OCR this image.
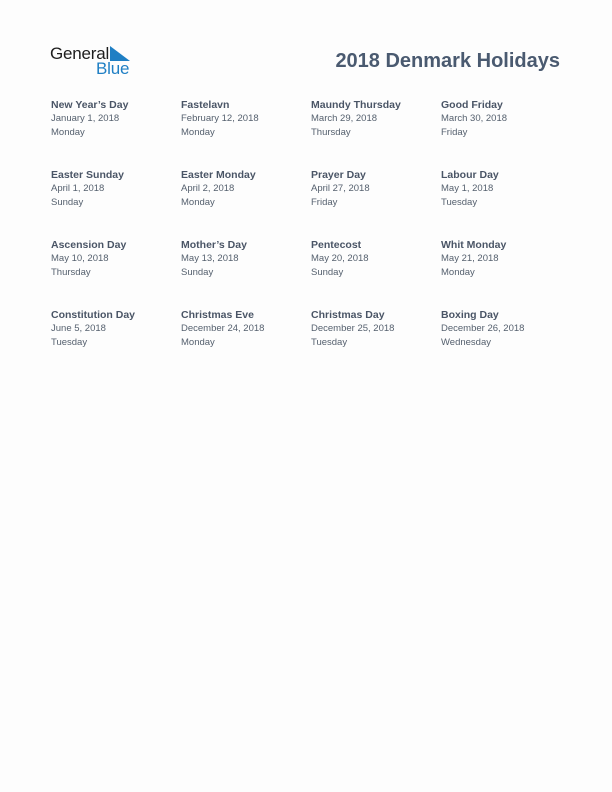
General
Blue	2018 Denmark Holidays
New Year’s Day
January 1, 2018
Monday
Fastelavn
February 12, 2018
Monday
Maundy Thursday
March 29, 2018
Thursday
Good Friday
March 30, 2018
Friday
Easter Sunday
April 1, 2018
Sunday
Easter Monday
April 2, 2018
Monday
Prayer Day
April 27, 2018
Friday
Labour Day
May 1, 2018
Tuesday
Ascension Day
May 10, 2018
Thursday
Mother’s Day
May 13, 2018
Sunday
Pentecost
May 20, 2018
Sunday
Whit Monday
May 21, 2018
Monday
Constitution Day
June 5, 2018
Tuesday
Christmas Eve
December 24, 2018
Monday
Christmas Day
December 25, 2018
Tuesday
Boxing Day
December 26, 2018
Wednesday
